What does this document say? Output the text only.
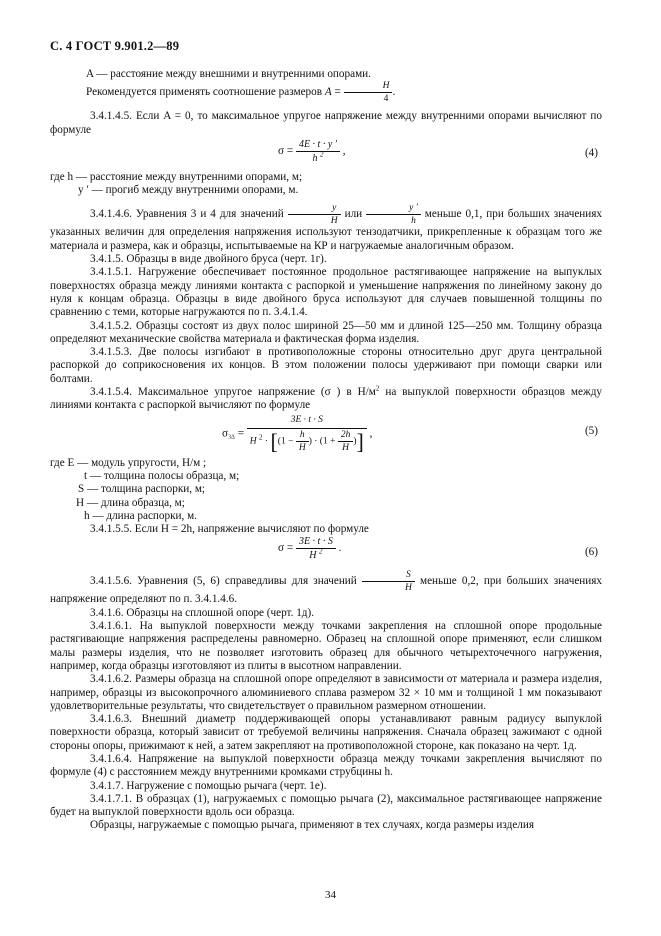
С. 4 ГОСТ 9.901.2—89

A — расстояние между внешними и внутренними опорами.

Рекомендуется применять соотношение размеров $A = \frac{H}{4}$ .

3.4.1.4.5. Если A = 0, то максимальное упругое напряжение между внутренними опорами вычисляют по формуле

$\sigma = \frac{4E \cdot t \cdot y '}{h ^2}$ ,	(4)

где h — расстояние между внутренними опорами, м;

y ′ — прогиб между внутренними опорами, м.

3.4.1.4.6. Уравнения 3 и 4 для значений $\frac{y}{H}$ или $\frac{y '}{h}$ меньше 0,1, при больших значениях указанных величин для определения напряжения используют тензодатчики, прикрепленные к образцам того же материала и размера, как и образцы, испытываемые на КР и нагружаемые аналогичным образом.

3.4.1.5. Образцы в виде двойного бруса (черт. 1г).

3.4.1.5.1. Нагружение обеспечивает постоянное продольное растягивающее напряжение на выпуклых поверхностях образца между линиями контакта с распоркой и уменьшение напряжения по линейному закону до нуля к концам образца. Образцы в виде двойного бруса используют для случаев повышенной толщины по сравнению с теми, которые нагружаются по п. 3.4.1.4.

3.4.1.5.2. Образцы состоят из двух полос шириной 25—50 мм и длиной 125—250 мм. Толщину образца определяют механические свойства материала и фактическая форма изделия.

3.4.1.5.3. Две полосы изгибают в противоположные стороны относительно друг друга центральной распоркой до соприкосновения их концов. В этом положении полосы удерживают при помощи сварки или болтами.

3.4.1.5.4. Максимальное упругое напряжение (σ ) в $Н/м^2$ на выпуклой поверхности образцов между линиями контакта с распоркой вычисляют по формуле

$\sigma_{3\Delta} = \frac{3E \cdot t \cdot S}{H ^2 \cdot [(1 - \frac{h}{H} ) \cdot (1 + \frac{2h}{H} )]}$ ,	(5)

где E — модуль упругости, Н/м ;

t — толщина полосы образца, м;

S — толщина распорки, м;

H — длина образца, м;

h — длина распорки, м.

3.4.1.5.5. Если H = 2h, напряжение вычисляют по формуле

$\sigma = \frac{3E \cdot t \cdot S}{H ^2}$ .	(6)

3.4.1.5.6. Уравнения (5, 6) справедливы для значений $\frac{S}{H}$ меньше 0,2, при больших значениях напряжение определяют по п. 3.4.1.4.6.

3.4.1.6. Образцы на сплошной опоре (черт. 1д).

3.4.1.6.1. На выпуклой поверхности между точками закрепления на сплошной опоре продольные растягивающие напряжения распределены равномерно. Образец на сплошной опоре применяют, если слишком малы размеры изделия, что не позволяет изготовить образец для обычного четырехточечного нагружения, например, когда образцы изготовляют из плиты в высотном направлении.

3.4.1.6.2. Размеры образца на сплошной опоре определяют в зависимости от материала и размера изделия, например, образцы из высокопрочного алюминиевого сплава размером 32 × 10 мм и толщиной 1 мм показывают удовлетворительные результаты, что свидетельствует о правильном размерном отношении.

3.4.1.6.3. Внешний диаметр поддерживающей опоры устанавливают равным радиусу выпуклой поверхности образца, который зависит от требуемой величины напряжения. Сначала образец зажимают с одной стороны опоры, прижимают к ней, а затем закрепляют на противоположной стороне, как показано на черт. 1д.

3.4.1.6.4. Напряжение на выпуклой поверхности образца между точками закрепления вычисляют по формуле (4) с расстоянием между внутренними кромками струбцины h.

3.4.1.7. Нагружение с помощью рычага (черт. 1е).

3.4.1.7.1. В образцах (1), нагружаемых с помощью рычага (2), максимальное растягивающее напряжение будет на выпуклой поверхности вдоль оси образца.

Образцы, нагружаемые с помощью рычага, применяют в тех случаях, когда размеры изделия

34
